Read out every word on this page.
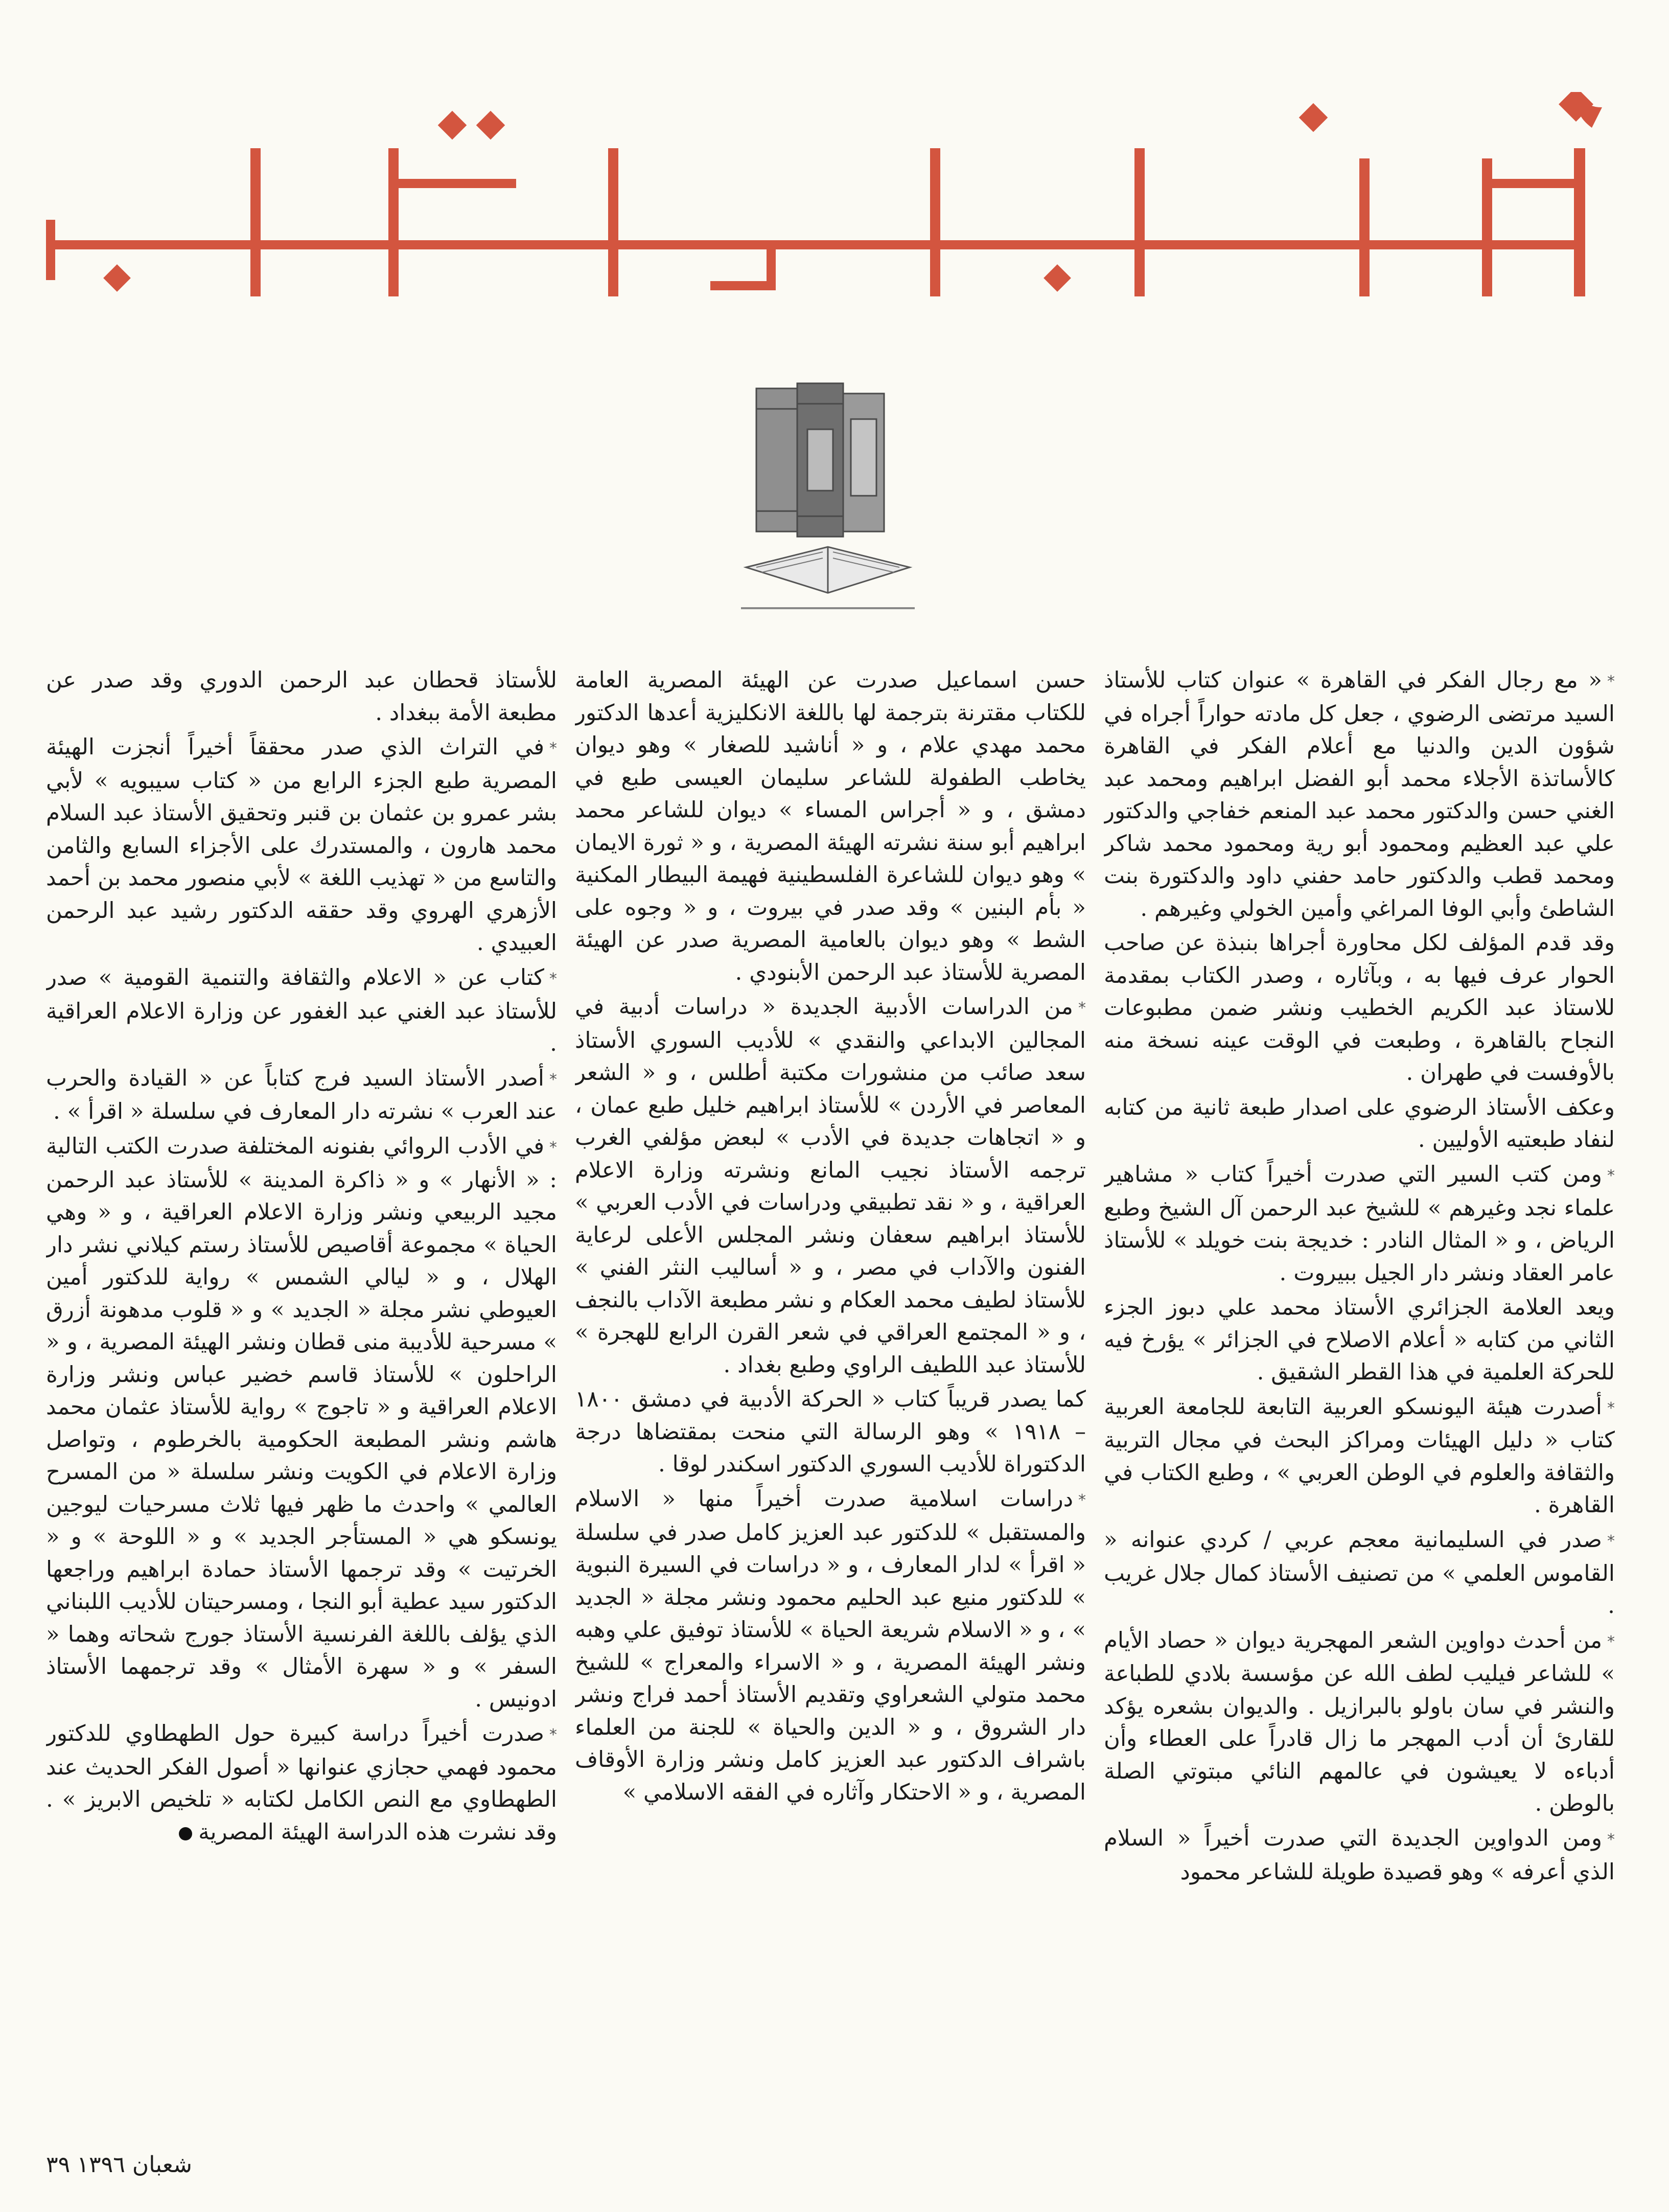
*« مع رجال الفكر في القاهرة » عنوان كتاب للأستاذ السيد مرتضى الرضوي ، جعل كل مادته حواراً أجراه في شؤون الدين والدنيا مع أعلام الفكر في القاهرة كالأساتذة الأجلاء محمد أبو الفضل ابراهيم ومحمد عبد الغني حسن والدكتور محمد عبد المنعم خفاجي والدكتور علي عبد العظيم ومحمود أبو رية ومحمود محمد شاكر ومحمد قطب والدكتور حامد حفني داود والدكتورة بنت الشاطئ وأبي الوفا المراغي وأمين الخولي وغيرهم .

وقد قدم المؤلف لكل محاورة أجراها بنبذة عن صاحب الحوار عرف فيها به ، وبآثاره ، وصدر الكتاب بمقدمة للاستاذ عبد الكريم الخطيب ونشر ضمن مطبوعات النجاح بالقاهرة ، وطبعت في الوقت عينه نسخة منه بالأوفست في طهران .

وعكف الأستاذ الرضوي على اصدار طبعة ثانية من كتابه لنفاد طبعتيه الأوليين .

*ومن كتب السير التي صدرت أخيراً كتاب « مشاهير علماء نجد وغيرهم » للشيخ عبد الرحمن آل الشيخ وطبع الرياض ، و « المثال النادر : خديجة بنت خويلد » للأستاذ عامر العقاد ونشر دار الجيل ببيروت .

ويعد العلامة الجزائري الأستاذ محمد علي دبوز الجزء الثاني من كتابه « أعلام الاصلاح في الجزائر » يؤرخ فيه للحركة العلمية في هذا القطر الشقيق .

*أصدرت هيئة اليونسكو العربية التابعة للجامعة العربية كتاب « دليل الهيئات ومراكز البحث في مجال التربية والثقافة والعلوم في الوطن العربي » ، وطبع الكتاب في القاهرة .

*صدر في السليمانية معجم عربي / كردي عنوانه « القاموس العلمي » من تصنيف الأستاذ كمال جلال غريب .

*من أحدث دواوين الشعر المهجرية ديوان « حصاد الأيام » للشاعر فيليب لطف الله عن مؤسسة بلادي للطباعة والنشر في سان باولو بالبرازيل . والديوان بشعره يؤكد للقارئ أن أدب المهجر ما زال قادراً على العطاء وأن أدباءه لا يعيشون في عالمهم النائي مبتوتي الصلة بالوطن .

*ومن الدواوين الجديدة التي صدرت أخيراً « السلام الذي أعرفه » وهو قصيدة طويلة للشاعر محمود

حسن اسماعيل صدرت عن الهيئة المصرية العامة للكتاب مقترنة بترجمة لها باللغة الانكليزية أعدها الدكتور محمد مهدي علام ، و « أناشيد للصغار » وهو ديوان يخاطب الطفولة للشاعر سليمان العيسى طبع في دمشق ، و « أجراس المساء » ديوان للشاعر محمد ابراهيم أبو سنة نشرته الهيئة المصرية ، و « ثورة الايمان » وهو ديوان للشاعرة الفلسطينية فهيمة البيطار المكنية « بأم البنين » وقد صدر في بيروت ، و « وجوه على الشط » وهو ديوان بالعامية المصرية صدر عن الهيئة المصرية للأستاذ عبد الرحمن الأبنودي .

*من الدراسات الأدبية الجديدة « دراسات أدبية في المجالين الابداعي والنقدي » للأديب السوري الأستاذ سعد صائب من منشورات مكتبة أطلس ، و « الشعر المعاصر في الأردن » للأستاذ ابراهيم خليل طبع عمان ، و « اتجاهات جديدة في الأدب » لبعض مؤلفي الغرب ترجمه الأستاذ نجيب المانع ونشرته وزارة الاعلام العراقية ، و « نقد تطبيقي ودراسات في الأدب العربي » للأستاذ ابراهيم سعفان ونشر المجلس الأعلى لرعاية الفنون والآداب في مصر ، و « أساليب النثر الفني » للأستاذ لطيف محمد العكام و نشر مطبعة الآداب بالنجف ، و « المجتمع العراقي في شعر القرن الرابع للهجرة » للأستاذ عبد اللطيف الراوي وطبع بغداد .

كما يصدر قريباً كتاب « الحركة الأدبية في دمشق ١٨٠٠ – ١٩١٨ » وهو الرسالة التي منحت بمقتضاها درجة الدكتوراة للأديب السوري الدكتور اسكندر لوقا .

*دراسات اسلامية صدرت أخيراً منها « الاسلام والمستقبل » للدكتور عبد العزيز كامل صدر في سلسلة « اقرأ » لدار المعارف ، و « دراسات في السيرة النبوية » للدكتور منيع عبد الحليم محمود ونشر مجلة « الجديد » ، و « الاسلام شريعة الحياة » للأستاذ توفيق علي وهبه ونشر الهيئة المصرية ، و « الاسراء والمعراج » للشيخ محمد متولي الشعراوي وتقديم الأستاذ أحمد فراج ونشر دار الشروق ، و « الدين والحياة » للجنة من العلماء باشراف الدكتور عبد العزيز كامل ونشر وزارة الأوقاف المصرية ، و « الاحتكار وآثاره في الفقه الاسلامي »

للأستاذ قحطان عبد الرحمن الدوري وقد صدر عن مطبعة الأمة ببغداد .

*في التراث الذي صدر محققاً أخيراً أنجزت الهيئة المصرية طبع الجزء الرابع من « كتاب سيبويه » لأبي بشر عمرو بن عثمان بن قنبر وتحقيق الأستاذ عبد السلام محمد هارون ، والمستدرك على الأجزاء السابع والثامن والتاسع من « تهذيب اللغة » لأبي منصور محمد بن أحمد الأزهري الهروي وقد حققه الدكتور رشيد عبد الرحمن العبيدي .

*كتاب عن « الاعلام والثقافة والتنمية القومية » صدر للأستاذ عبد الغني عبد الغفور عن وزارة الاعلام العراقية .

*أصدر الأستاذ السيد فرج كتاباً عن « القيادة والحرب عند العرب » نشرته دار المعارف في سلسلة « اقرأ » .

*في الأدب الروائي بفنونه المختلفة صدرت الكتب التالية : « الأنهار » و « ذاكرة المدينة » للأستاذ عبد الرحمن مجيد الربيعي ونشر وزارة الاعلام العراقية ، و « وهي الحياة » مجموعة أقاصيص للأستاذ رستم كيلاني نشر دار الهلال ، و « ليالي الشمس » رواية للدكتور أمين العيوطي نشر مجلة « الجديد » و « قلوب مدهونة أزرق » مسرحية للأديبة منى قطان ونشر الهيئة المصرية ، و « الراحلون » للأستاذ قاسم خضير عباس ونشر وزارة الاعلام العراقية و « تاجوج » رواية للأستاذ عثمان محمد هاشم ونشر المطبعة الحكومية بالخرطوم ، وتواصل وزارة الاعلام في الكويت ونشر سلسلة « من المسرح العالمي » واحدث ما ظهر فيها ثلاث مسرحيات ليوجين يونسكو هي « المستأجر الجديد » و « اللوحة » و « الخرتيت » وقد ترجمها الأستاذ حمادة ابراهيم وراجعها الدكتور سيد عطية أبو النجا ، ومسرحيتان للأديب اللبناني الذي يؤلف باللغة الفرنسية الأستاذ جورج شحاته وهما « السفر » و « سهرة الأمثال » وقد ترجمهما الأستاذ ادونيس .

*صدرت أخيراً دراسة كبيرة حول الطهطاوي للدكتور محمود فهمي حجازي عنوانها « أصول الفكر الحديث عند الطهطاوي مع النص الكامل لكتابه « تلخيص الابريز » . وقد نشرت هذه الدراسة الهيئة المصرية

شعبان ١٣٩٦
٣٩
